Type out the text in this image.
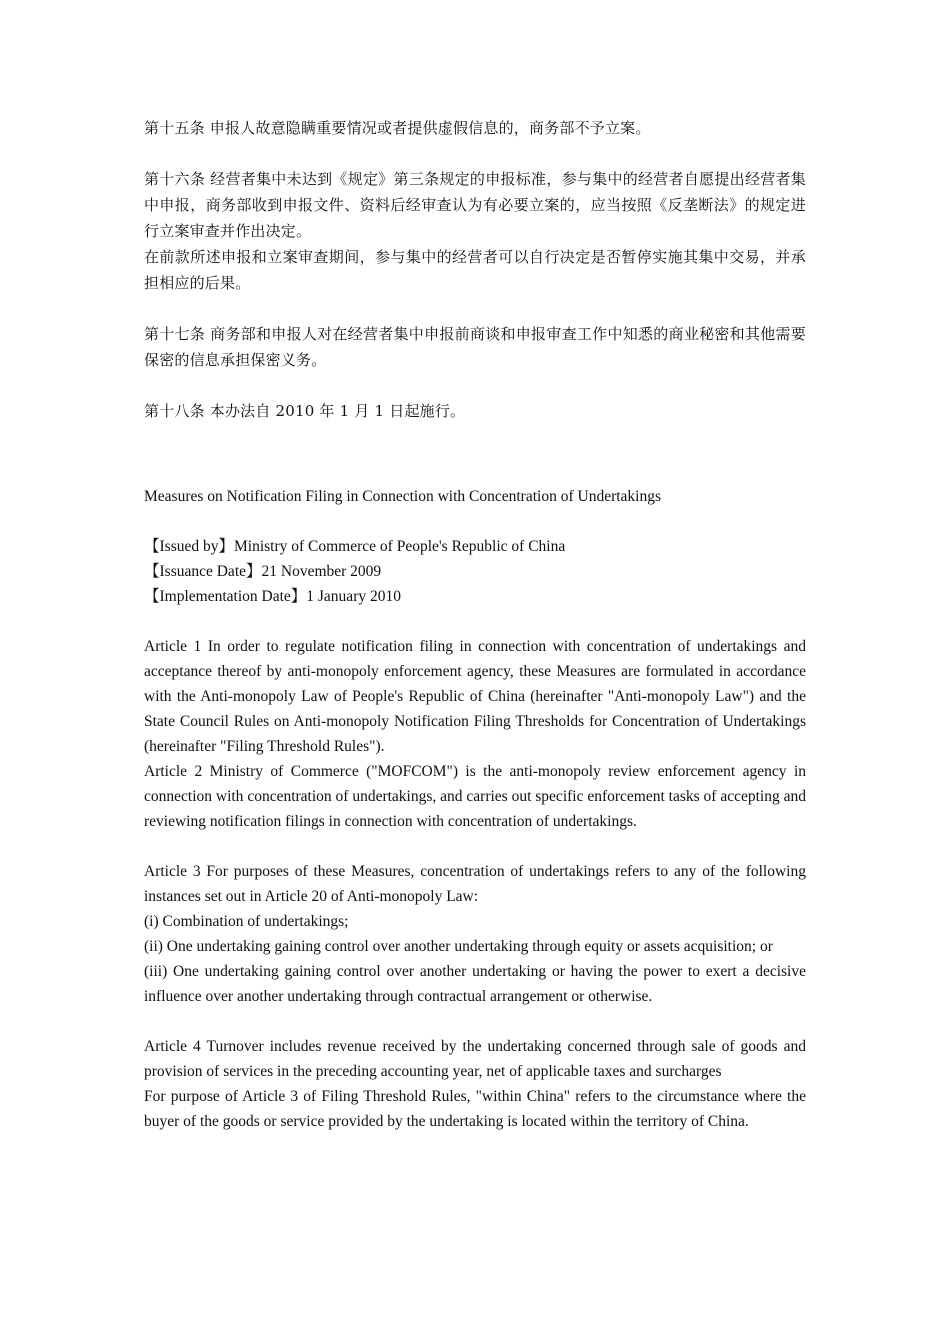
第十五条 申报人故意隐瞒重要情况或者提供虚假信息的，商务部不予立案。

第十六条 经营者集中未达到《规定》第三条规定的申报标准，参与集中的经营者自愿提出经营者集中申报，商务部收到申报文件、资料后经审查认为有必要立案的，应当按照《反垄断法》的规定进行立案审查并作出决定。

在前款所述申报和立案审查期间，参与集中的经营者可以自行决定是否暂停实施其集中交易，并承担相应的后果。

第十七条 商务部和申报人对在经营者集中申报前商谈和申报审查工作中知悉的商业秘密和其他需要保密的信息承担保密义务。

第十八条 本办法自 2010 年 1 月 1 日起施行。

Measures on Notification Filing in Connection with Concentration of Undertakings

【Issued by】Ministry of Commerce of People's Republic of China

【Issuance Date】21 November 2009

【Implementation Date】1 January 2010

Article 1 In order to regulate notification filing in connection with concentration of undertakings and acceptance thereof by anti-monopoly enforcement agency, these Measures are formulated in accordance with the Anti-monopoly Law of People's Republic of China (hereinafter "Anti-monopoly Law") and the State Council Rules on Anti-monopoly Notification Filing Thresholds for Concentration of Undertakings (hereinafter "Filing Threshold Rules").

Article 2 Ministry of Commerce ("MOFCOM") is the anti-monopoly review enforcement agency in connection with concentration of undertakings, and carries out specific enforcement tasks of accepting and reviewing notification filings in connection with concentration of undertakings.

Article 3 For purposes of these Measures, concentration of undertakings refers to any of the following instances set out in Article 20 of Anti-monopoly Law:

(i) Combination of undertakings;

(ii) One undertaking gaining control over another undertaking through equity or assets acquisition; or

(iii) One undertaking gaining control over another undertaking or having the power to exert a decisive influence over another undertaking through contractual arrangement or otherwise.

Article 4 Turnover includes revenue received by the undertaking concerned through sale of goods and provision of services in the preceding accounting year, net of applicable taxes and surcharges

For purpose of Article 3 of Filing Threshold Rules, "within China" refers to the circumstance where the buyer of the goods or service provided by the undertaking is located within the territory of China.
